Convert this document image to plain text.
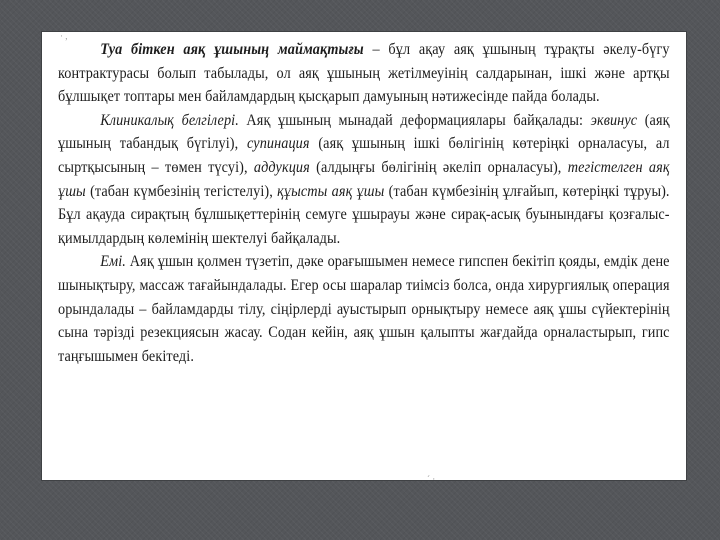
· ,

Туа біткен аяқ ұшының маймақтығы – бұл ақау аяқ ұшының тұрақты әкелу-бүгу контрактурасы болып табылады, ол аяқ ұшының жетілмеуінің салдарынан, ішкі және артқы бұлшықет топтары мен байламдардың қысқарып дамуының нәтижесінде пайда болады.

Клиникалық белгілері. Аяқ ұшының мынадай деформациялары байқалады: эквинус (аяқ ұшының табандық бүгілуі), супинация (аяқ ұшының ішкі бөлігінің көтеріңкі орналасуы, ал сыртқысының – төмен түсуі), аддукция (алдыңғы бөлігінің әкеліп орналасуы), тегістелген аяқ ұшы (табан күмбезінің тегістелуі), құысты аяқ ұшы (табан күмбезінің ұлғайып, көтеріңкі тұруы). Бұл ақауда сирақтың бұлшықеттерінің семуге ұшырауы және сирақ-асық буынындағы қозғалыс-қимылдардың көлемінің шектелуі байқалады.

Емі. Аяқ ұшын қолмен түзетіп, дәке орағышымен немесе гипспен бекітіп қояды, емдік дене шынықтыру, массаж тағайындалады. Егер осы шаралар тиімсіз болса, онда хирургиялық операция орындалады – байламдарды тілу, сіңірлерді ауыстырып орнықтыру немесе аяқ ұшы сүйектерінің сына тәрізді резекциясын жасау. Содан кейін, аяқ ұшын қалыпты жағдайда орналастырып, гипс таңғышымен бекітеді.

´ ·
